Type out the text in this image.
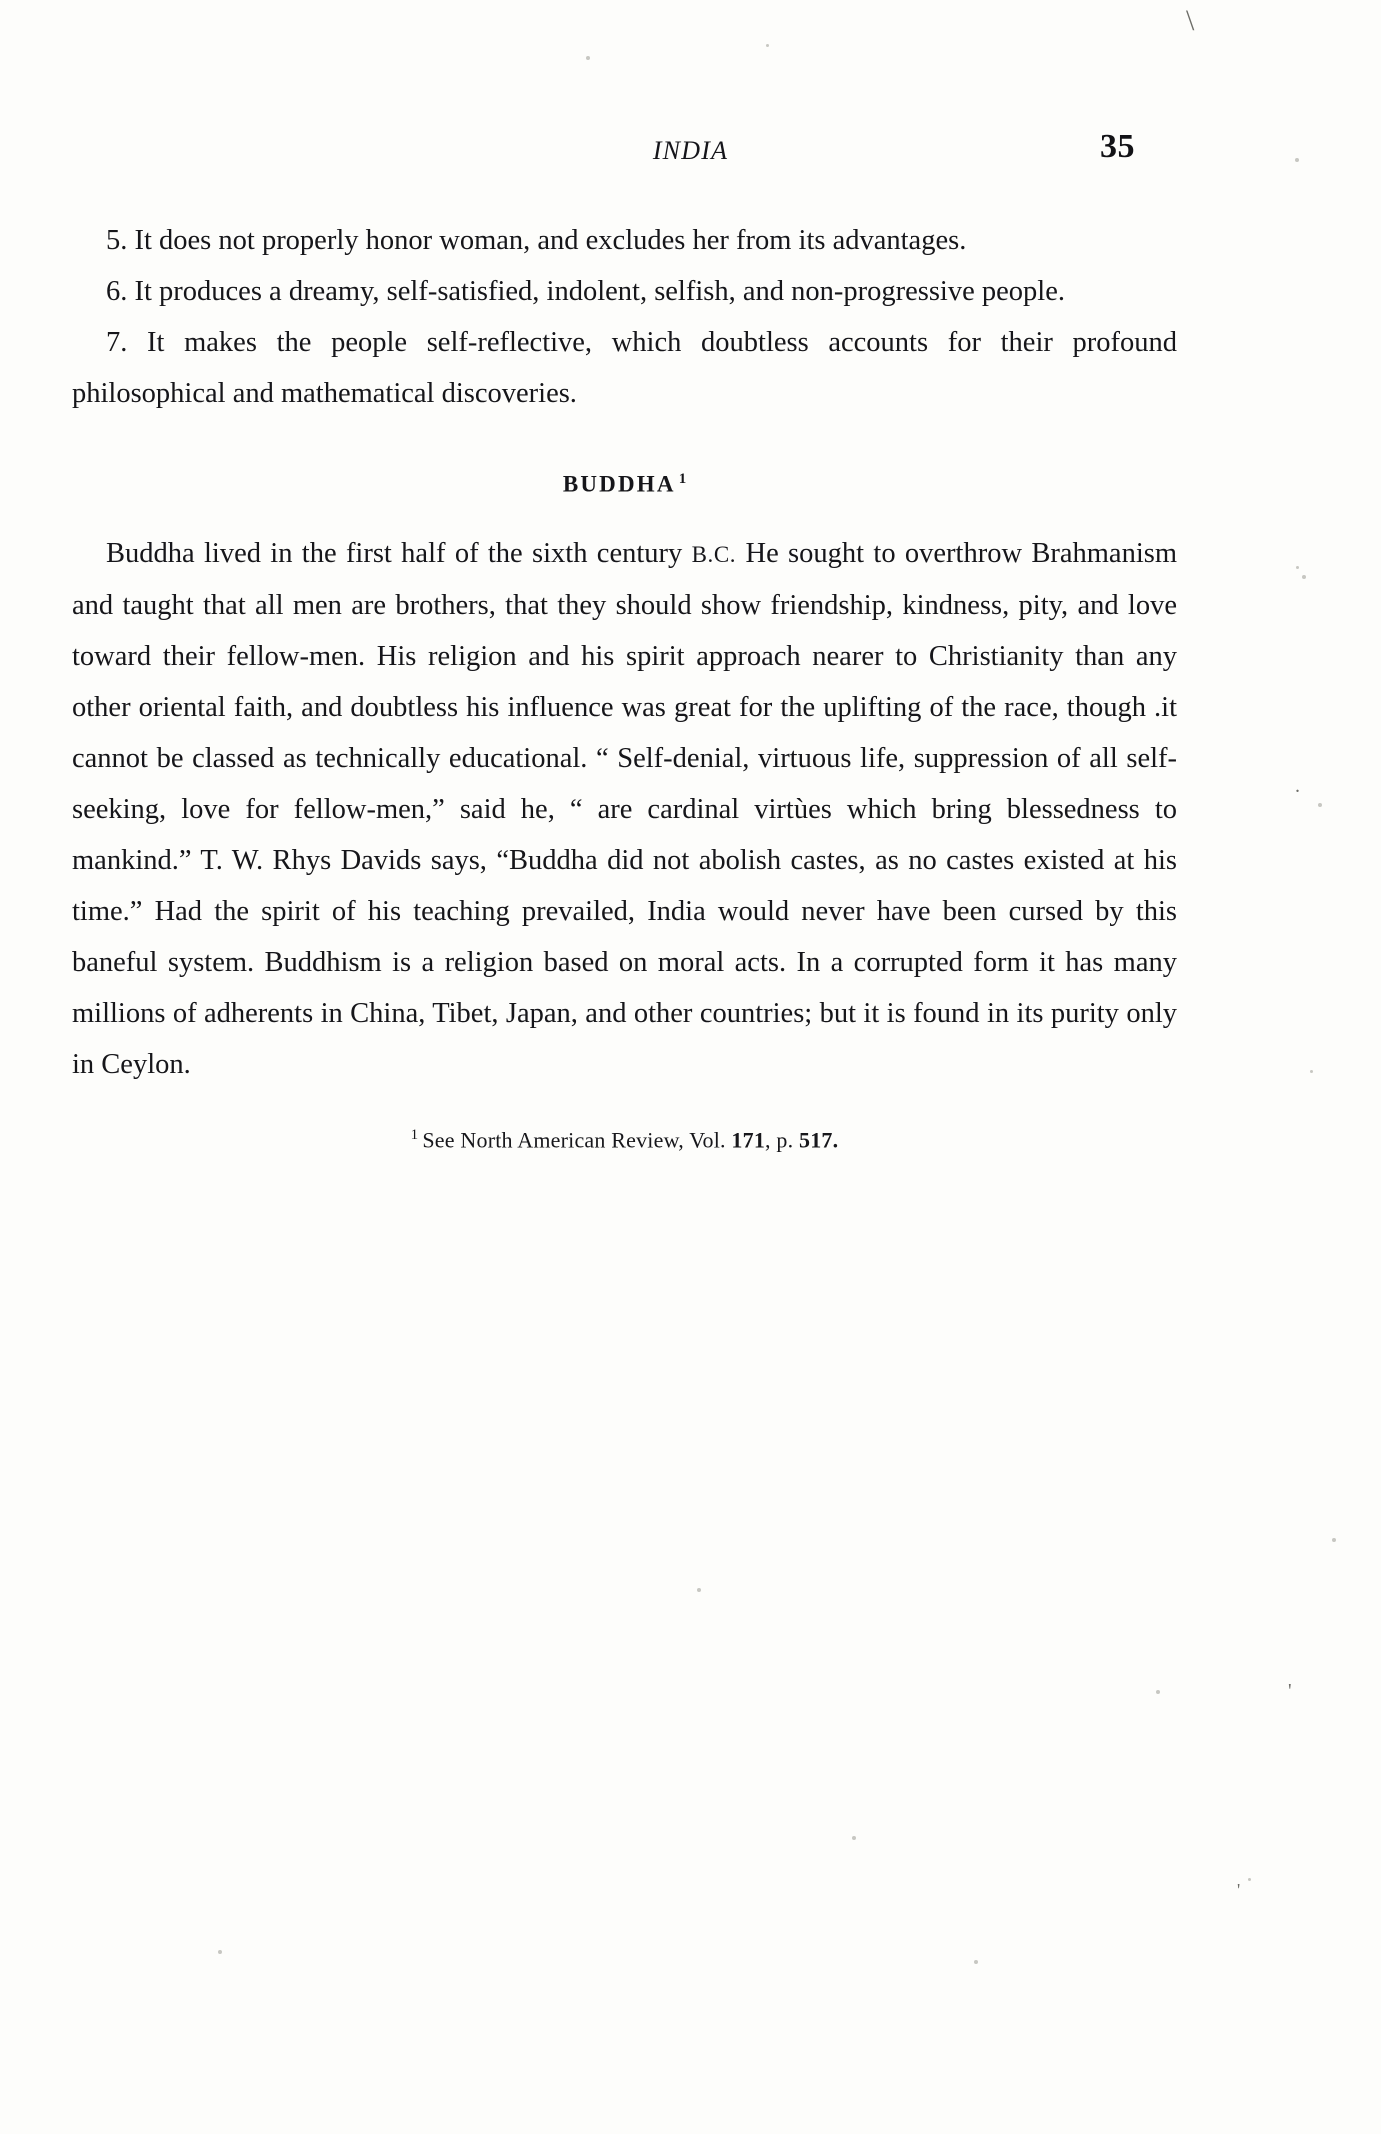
\
'
'
.
INDIA	35

5. It does not properly honor woman, and excludes her from its advantages.

6. It produces a dreamy, self-satisfied, indolent, selfish, and non-progressive people.

7. It makes the people self-reflective, which doubtless accounts for their profound philosophical and mathematical discoveries.

BUDDHA $^1$

Buddha lived in the first half of the sixth century B.C. He sought to overthrow Brahmanism and taught that all men are brothers, that they should show friendship, kindness, pity, and love toward their fellow-men. His religion and his spirit approach nearer to Christianity than any other oriental faith, and doubtless his influence was great for the uplifting of the race, though .it cannot be classed as technically educational. “ Self-denial, virtuous life, suppression of all self-seeking, love for fellow-men,” said he, “ are cardinal virtùes which bring blessedness to mankind.” T. W. Rhys Davids says, “Buddha did not abolish castes, as no castes existed at his time.” Had the spirit of his teaching prevailed, India would never have been cursed by this baneful system. Buddhism is a religion based on moral acts. In a corrupted form it has many millions of adherents in China, Tibet, Japan, and other countries; but it is found in its purity only in Ceylon.

$^1$ See North American Review, Vol. 171, p. 517.
